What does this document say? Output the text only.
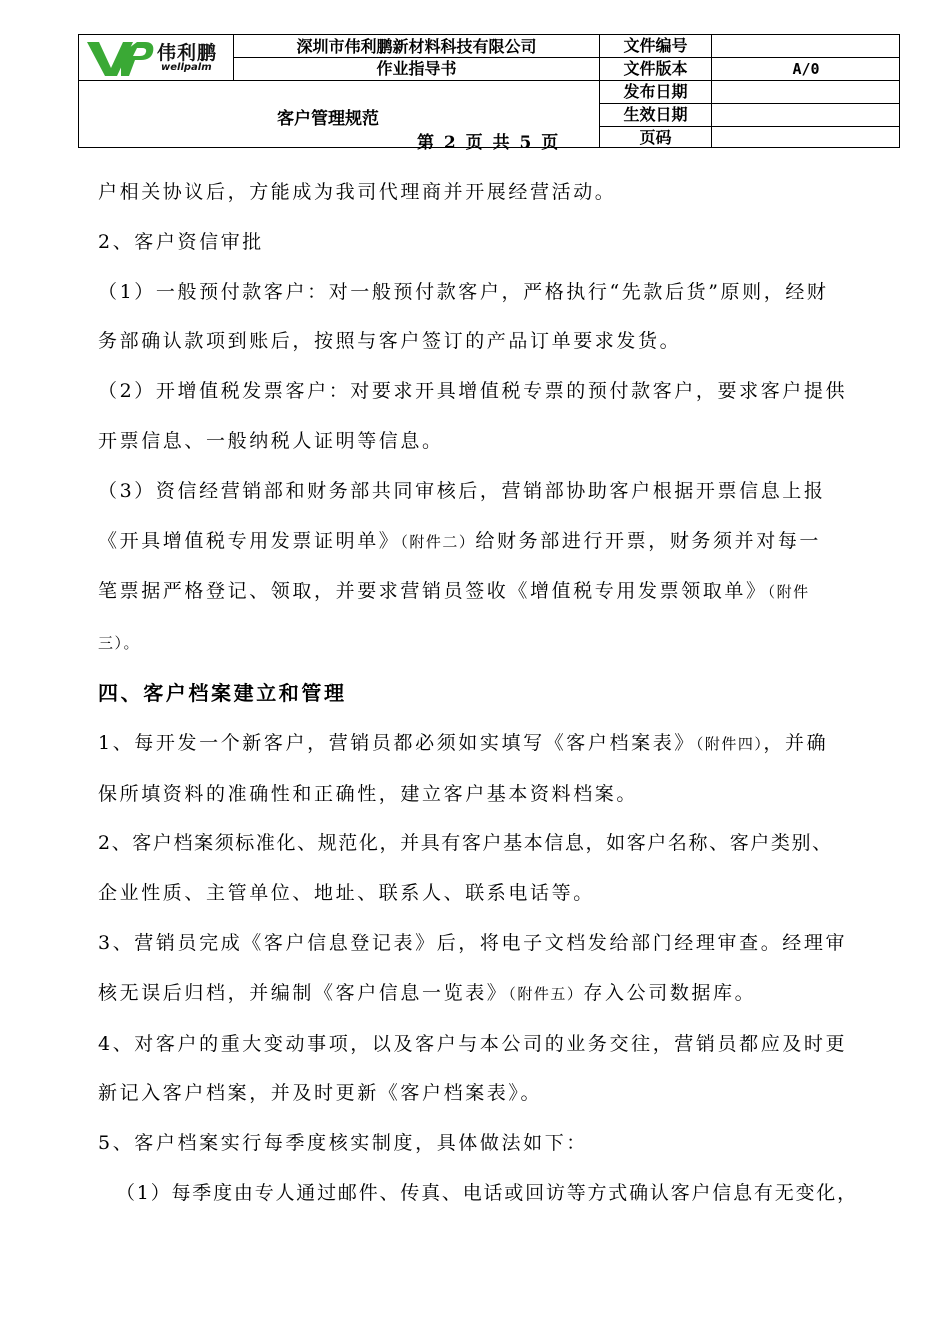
伟利鹏
wellpalm
深圳市伟利鹏新材料科技有限公司
作业指导书
客户管理规范
第 2 页 共 5 页
文件编号
文件版本
发布日期
生效日期
页码
A/0

户相关协议后，方能成为我司代理商并开展经营活动。

2、客户资信审批

（1）一般预付款客户：对一般预付款客户，严格执行“先款后货”原则，经财

务部确认款项到账后，按照与客户签订的产品订单要求发货。

（2）开增值税发票客户：对要求开具增值税专票的预付款客户，要求客户提供

开票信息、一般纳税人证明等信息。

（3）资信经营销部和财务部共同审核后，营销部协助客户根据开票信息上报

《开具增值税专用发票证明单》（附件二）给财务部进行开票，财务须并对每一

笔票据严格登记、领取，并要求营销员签收《增值税专用发票领取单》（附件

三）。

四、客户档案建立和管理

1、每开发一个新客户，营销员都必须如实填写《客户档案表》（附件四），并确

保所填资料的准确性和正确性，建立客户基本资料档案。

2、客户档案须标准化、规范化，并具有客户基本信息，如客户名称、客户类别、

企业性质、主管单位、地址、联系人、联系电话等。

3、营销员完成《客户信息登记表》后，将电子文档发给部门经理审查。经理审

核无误后归档，并编制《客户信息一览表》（附件五）存入公司数据库。

4、对客户的重大变动事项，以及客户与本公司的业务交往，营销员都应及时更

新记入客户档案，并及时更新《客户档案表》。

5、客户档案实行每季度核实制度，具体做法如下：

（1）每季度由专人通过邮件、传真、电话或回访等方式确认客户信息有无变化，
